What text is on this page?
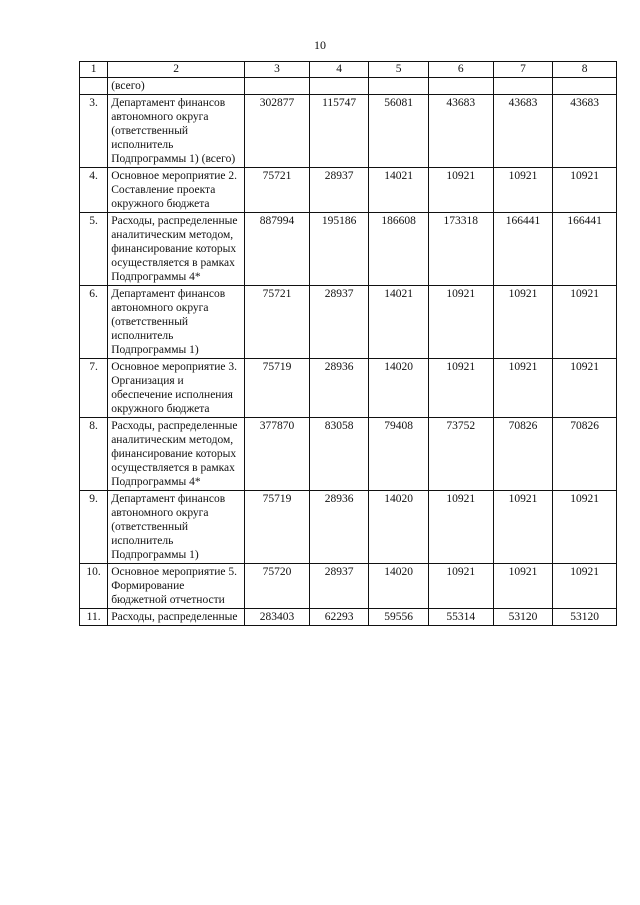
10
1	2	3	4	5	6	7	8
	(всего)						
3.	Департамент финансов автономного округа (ответственный исполнитель Подпрограммы 1) (всего)	302877	115747	56081	43683	43683	43683
4.	Основное мероприятие 2. Составление проекта окружного бюджета	75721	28937	14021	10921	10921	10921
5.	Расходы, распределенные аналитическим методом, финансирование которых осуществляется в рамках Подпрограммы 4*	887994	195186	186608	173318	166441	166441
6.	Департамент финансов автономного округа (ответственный исполнитель Подпрограммы 1)	75721	28937	14021	10921	10921	10921
7.	Основное мероприятие 3. Организация и обеспечение исполнения окружного бюджета	75719	28936	14020	10921	10921	10921
8.	Расходы, распределенные аналитическим методом, финансирование которых осуществляется в рамках Подпрограммы 4*	377870	83058	79408	73752	70826	70826
9.	Департамент финансов автономного округа (ответственный исполнитель Подпрограммы 1)	75719	28936	14020	10921	10921	10921
10.	Основное мероприятие 5. Формирование бюджетной отчетности	75720	28937	14020	10921	10921	10921
11.	Расходы, распределенные	283403	62293	59556	55314	53120	53120
